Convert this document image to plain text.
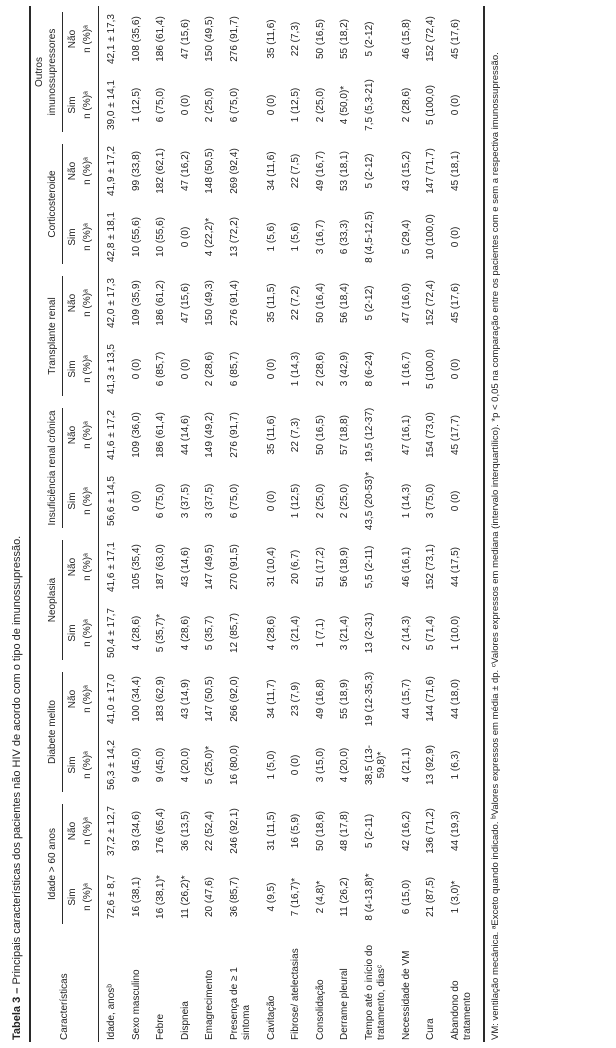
Tabela 3 – Principais características dos pacientes não HIV de acordo com o tipo de imunossupressão.
Características	Idade > 60 anos		Diabete melito		Neoplasia		Insuficiência renal crônica		Transplante renal		Corticosteroide		Outros imunossupressores	

	Sim	Não	Sim	Não	Sim	Não	Sim	Não	Sim	Não	Sim	Não	Sim	Não
	n (%)ᵃ	n (%)ᵃ	n (%)ᵃ	n (%)ᵃ	n (%)ᵃ	n (%)ᵃ	n (%)ᵃ	n (%)ᵃ	n (%)ᵃ	n (%)ᵃ	n (%)ᵃ	n (%)ᵃ	n (%)ᵃ	n (%)ᵃ
Idade, anosᵇ	72,6 ± 8,7	37,2 ± 12,7	56,3 ± 14,2	41,0 ± 17,0	50,4 ± 17,7	41,6 ± 17,1	56,6 ± 14,5	41,6 ± 17,2	41,3 ± 13,5	42,0 ± 17,3	42,8 ± 18,1	41,9 ± 17,2	39,0 ± 14,1	42,1 ± 17,3
Sexo masculino	16 (38,1)	93 (34,6)	9 (45,0)	100 (34,4)	4 (28,6)	105 (35,4)	0 (0)	109 (36,0)	0 (0)	109 (35,9)	10 (55,6)	99 (33,8)	1 (12,5)	108 (35,6)
Febre	16 (38,1)*	176 (65,4)	9 (45,0)	183 (62,9)	5 (35,7)*	187 (63,0)	6 (75,0)	186 (61,4)	6 (85,7)	186 (61,2)	10 (55,6)	182 (62,1)	6 (75,0)	186 (61,4)
Dispneia	11 (26,2)*	36 (13,5)	4 (20,0)	43 (14,9)	4 (28,6)	43 (14,6)	3 (37,5)	44 (14,6)	0 (0)	47 (15,6)	0 (0)	47 (16,2)	0 (0)	47 (15,6)
Emagrecimento	20 (47,6)	22 (52,4)	5 (25,0)*	147 (50,5)	5 (35,7)	147 (49,5)	3 (37,5)	149 (49,2)	2 (28,6)	150 (49,3)	4 (22,2)*	148 (50,5)	2 (25,0)	150 (49,5)
Presença de ≥ 1 sintoma	36 (85,7)	246 (92,1)	16 (80,0)	266 (92,0)	12 (85,7)	270 (91,5)	6 (75,0)	276 (91,7)	6 (85,7)	276 (91,4)	13 (72,2)	269 (92,4)	6 (75,0)	276 (91,7)
Cavitação	4 (9,5)	31 (11,5)	1 (5,0)	34 (11,7)	4 (28,6)	31 (10,4)	0 (0)	35 (11,6)	0 (0)	35 (11,5)	1 (5,6)	34 (11,6)	0 (0)	35 (11,6)
Fibrose/ atelectasias	7 (16,7)*	16 (5,9)	0 (0)	23 (7,9)	3 (21,4)	20 (6,7)	1 (12,5)	22 (7,3)	1 (14,3)	22 (7,2)	1 (5,6)	22 (7,5)	1 (12,5)	22 (7,3)
Consolidação	2 (4,8)*	50 (18,6)	3 (15,0)	49 (16,8)	1 (7,1)	51 (17,2)	2 (25,0)	50 (16,5)	2 (28,6)	50 (16,4)	3 (16,7)	49 (16,7)	2 (25,0)	50 (16,5)
Derrame pleural	11 (26,2)	48 (17,8)	4 (20,0)	55 (18,9)	3 (21,4)	56 (18,9)	2 (25,0)	57 (18,8)	3 (42,9)	56 (18,4)	6 (33,3)	53 (18,1)	4 (50,0)*	55 (18,2)
Tempo até o início do tratamento, diasᶜ	8 (4-13,8)*	5 (2-11)	38,5 (13-59,8)*	19 (12-35,3)	13 (2-31)	5,5 (2-11)	43,5 (20-53)*	19,5 (12-37)	8 (6-24)	5 (2-12)	8 (4,5-12,5)	5 (2-12)	7,5 (5,3-21)	5 (2-12)
Necessidade de VM	6 (15,0)	42 (16,2)	4 (21,1)	44 (15,7)	2 (14,3)	46 (16,1)	1 (14,3)	47 (16,1)	1 (16,7)	47 (16,0)	5 (29,4)	43 (15,2)	2 (28,6)	46 (15,8)
Cura	21 (87,5)	136 (71,2)	13 (92,9)	144 (71,6)	5 (71,4)	152 (73,1)	3 (75,0)	154 (73,0)	5 (100,0)	152 (72,4)	10 (100,0)	147 (71,7)	5 (100,0)	152 (72,4)
Abandono do tratamento	1 (3,0)*	44 (19,3)	1 (6,3)	44 (18,0)	1 (10,0)	44 (17,5)	0 (0)	45 (17,7)	0 (0)	45 (17,6)	0 (0)	45 (18,1)	0 (0)	45 (17,6)
VM: ventilação mecânica. ᵃExceto quando indicado. ᵇValores expressos em média ± dp. ᶜValores expressos em mediana (intervalo interquartílico). *p < 0,05 na comparação entre os pacientes com e sem a respectiva imunossupressão.
